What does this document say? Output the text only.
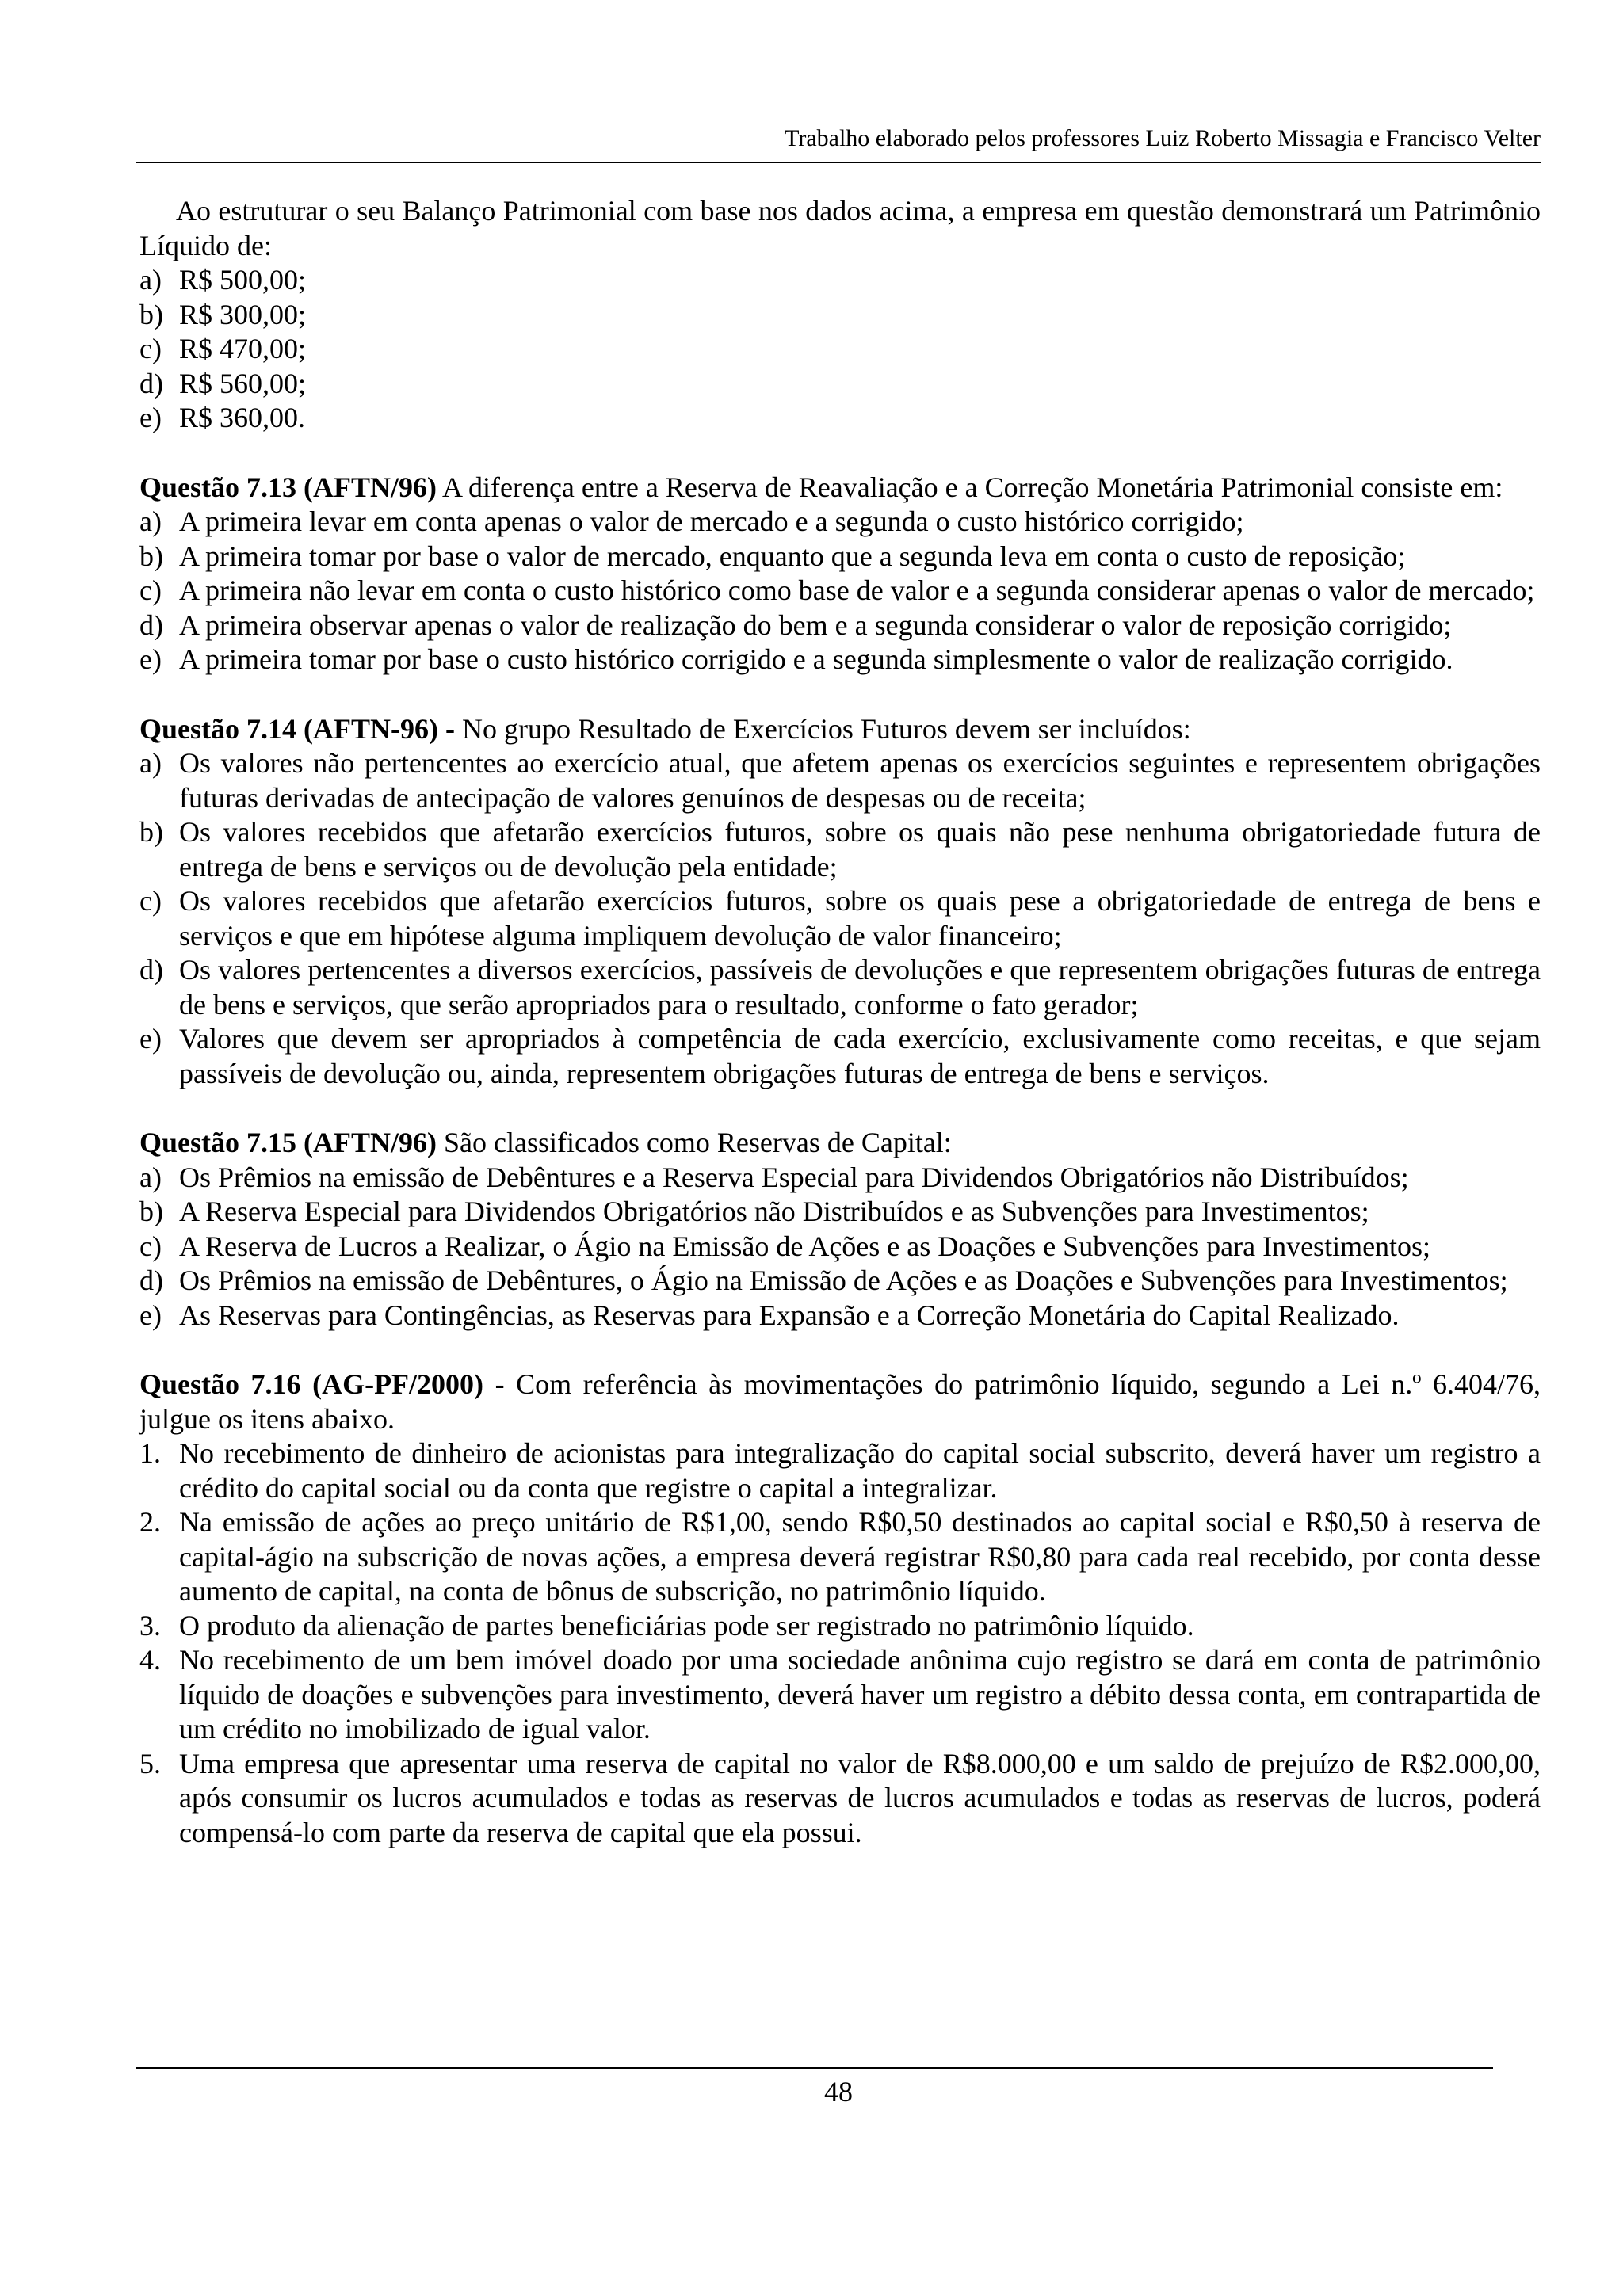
Trabalho elaborado pelos professores Luiz Roberto Missagia e Francisco Velter

Ao estruturar o seu Balanço Patrimonial com base nos dados acima, a empresa em questão demonstrará um Patrimônio Líquido de:

a) R$ 500,00;
b) R$ 300,00;
c) R$ 470,00;
d) R$ 560,00;
e) R$ 360,00.

Questão 7.13 (AFTN/96) A diferença entre a Reserva de Reavaliação e a Correção Monetária Patrimonial consiste em:

a) A primeira levar em conta apenas o valor de mercado e a segunda o custo histórico corrigido;
b) A primeira tomar por base o valor de mercado, enquanto que a segunda leva em conta o custo de reposição;
c) A primeira não levar em conta o custo histórico como base de valor e a segunda considerar apenas o valor de mercado;
d) A primeira observar apenas o valor de realização do bem e a segunda considerar o valor de reposição corrigido;
e) A primeira tomar por base o custo histórico corrigido e a segunda simplesmente o valor de realização corrigido.

Questão 7.14 (AFTN-96) - No grupo Resultado de Exercícios Futuros devem ser incluídos:

a) Os valores não pertencentes ao exercício atual, que afetem apenas os exercícios seguintes e representem obrigações futuras derivadas de antecipação de valores genuínos de despesas ou de receita;
b) Os valores recebidos que afetarão exercícios futuros, sobre os quais não pese nenhuma obrigatoriedade futura de entrega de bens e serviços ou de devolução pela entidade;
c) Os valores recebidos que afetarão exercícios futuros, sobre os quais pese a obrigatoriedade de entrega de bens e serviços e que em hipótese alguma impliquem devolução de valor financeiro;
d) Os valores pertencentes a diversos exercícios, passíveis de devoluções e que representem obrigações futuras de entrega de bens e serviços, que serão apropriados para o resultado, conforme o fato gerador;
e) Valores que devem ser apropriados à competência de cada exercício, exclusivamente como receitas, e que sejam passíveis de devolução ou, ainda, representem obrigações futuras de entrega de bens e serviços.

Questão 7.15 (AFTN/96) São classificados como Reservas de Capital:

a) Os Prêmios na emissão de Debêntures e a Reserva Especial para Dividendos Obrigatórios não Distribuídos;
b) A Reserva Especial para Dividendos Obrigatórios não Distribuídos e as Subvenções para Investimentos;
c) A Reserva de Lucros a Realizar, o Ágio na Emissão de Ações e as Doações e Subvenções para Investimentos;
d) Os Prêmios na emissão de Debêntures, o Ágio na Emissão de Ações e as Doações e Subvenções para Investimentos;
e) As Reservas para Contingências, as Reservas para Expansão e a Correção Monetária do Capital Realizado.

Questão 7.16 (AG-PF/2000) - Com referência às movimentações do patrimônio líquido, segundo a Lei n.º 6.404/76, julgue os itens abaixo.

1. No recebimento de dinheiro de acionistas para integralização do capital social subscrito, deverá haver um registro a crédito do capital social ou da conta que registre o capital a integralizar.
2. Na emissão de ações ao preço unitário de R$1,00, sendo R$0,50 destinados ao capital social e R$0,50 à reserva de capital-ágio na subscrição de novas ações, a empresa deverá registrar R$0,80 para cada real recebido, por conta desse aumento de capital, na conta de bônus de subscrição, no patrimônio líquido.
3. O produto da alienação de partes beneficiárias pode ser registrado no patrimônio líquido.
4. No recebimento de um bem imóvel doado por uma sociedade anônima cujo registro se dará em conta de patrimônio líquido de doações e subvenções para investimento, deverá haver um registro a débito dessa conta, em contrapartida de um crédito no imobilizado de igual valor.
5. Uma empresa que apresentar uma reserva de capital no valor de R$8.000,00 e um saldo de prejuízo de R$2.000,00, após consumir os lucros acumulados e todas as reservas de lucros acumulados e todas as reservas de lucros, poderá compensá-lo com parte da reserva de capital que ela possui.
48
